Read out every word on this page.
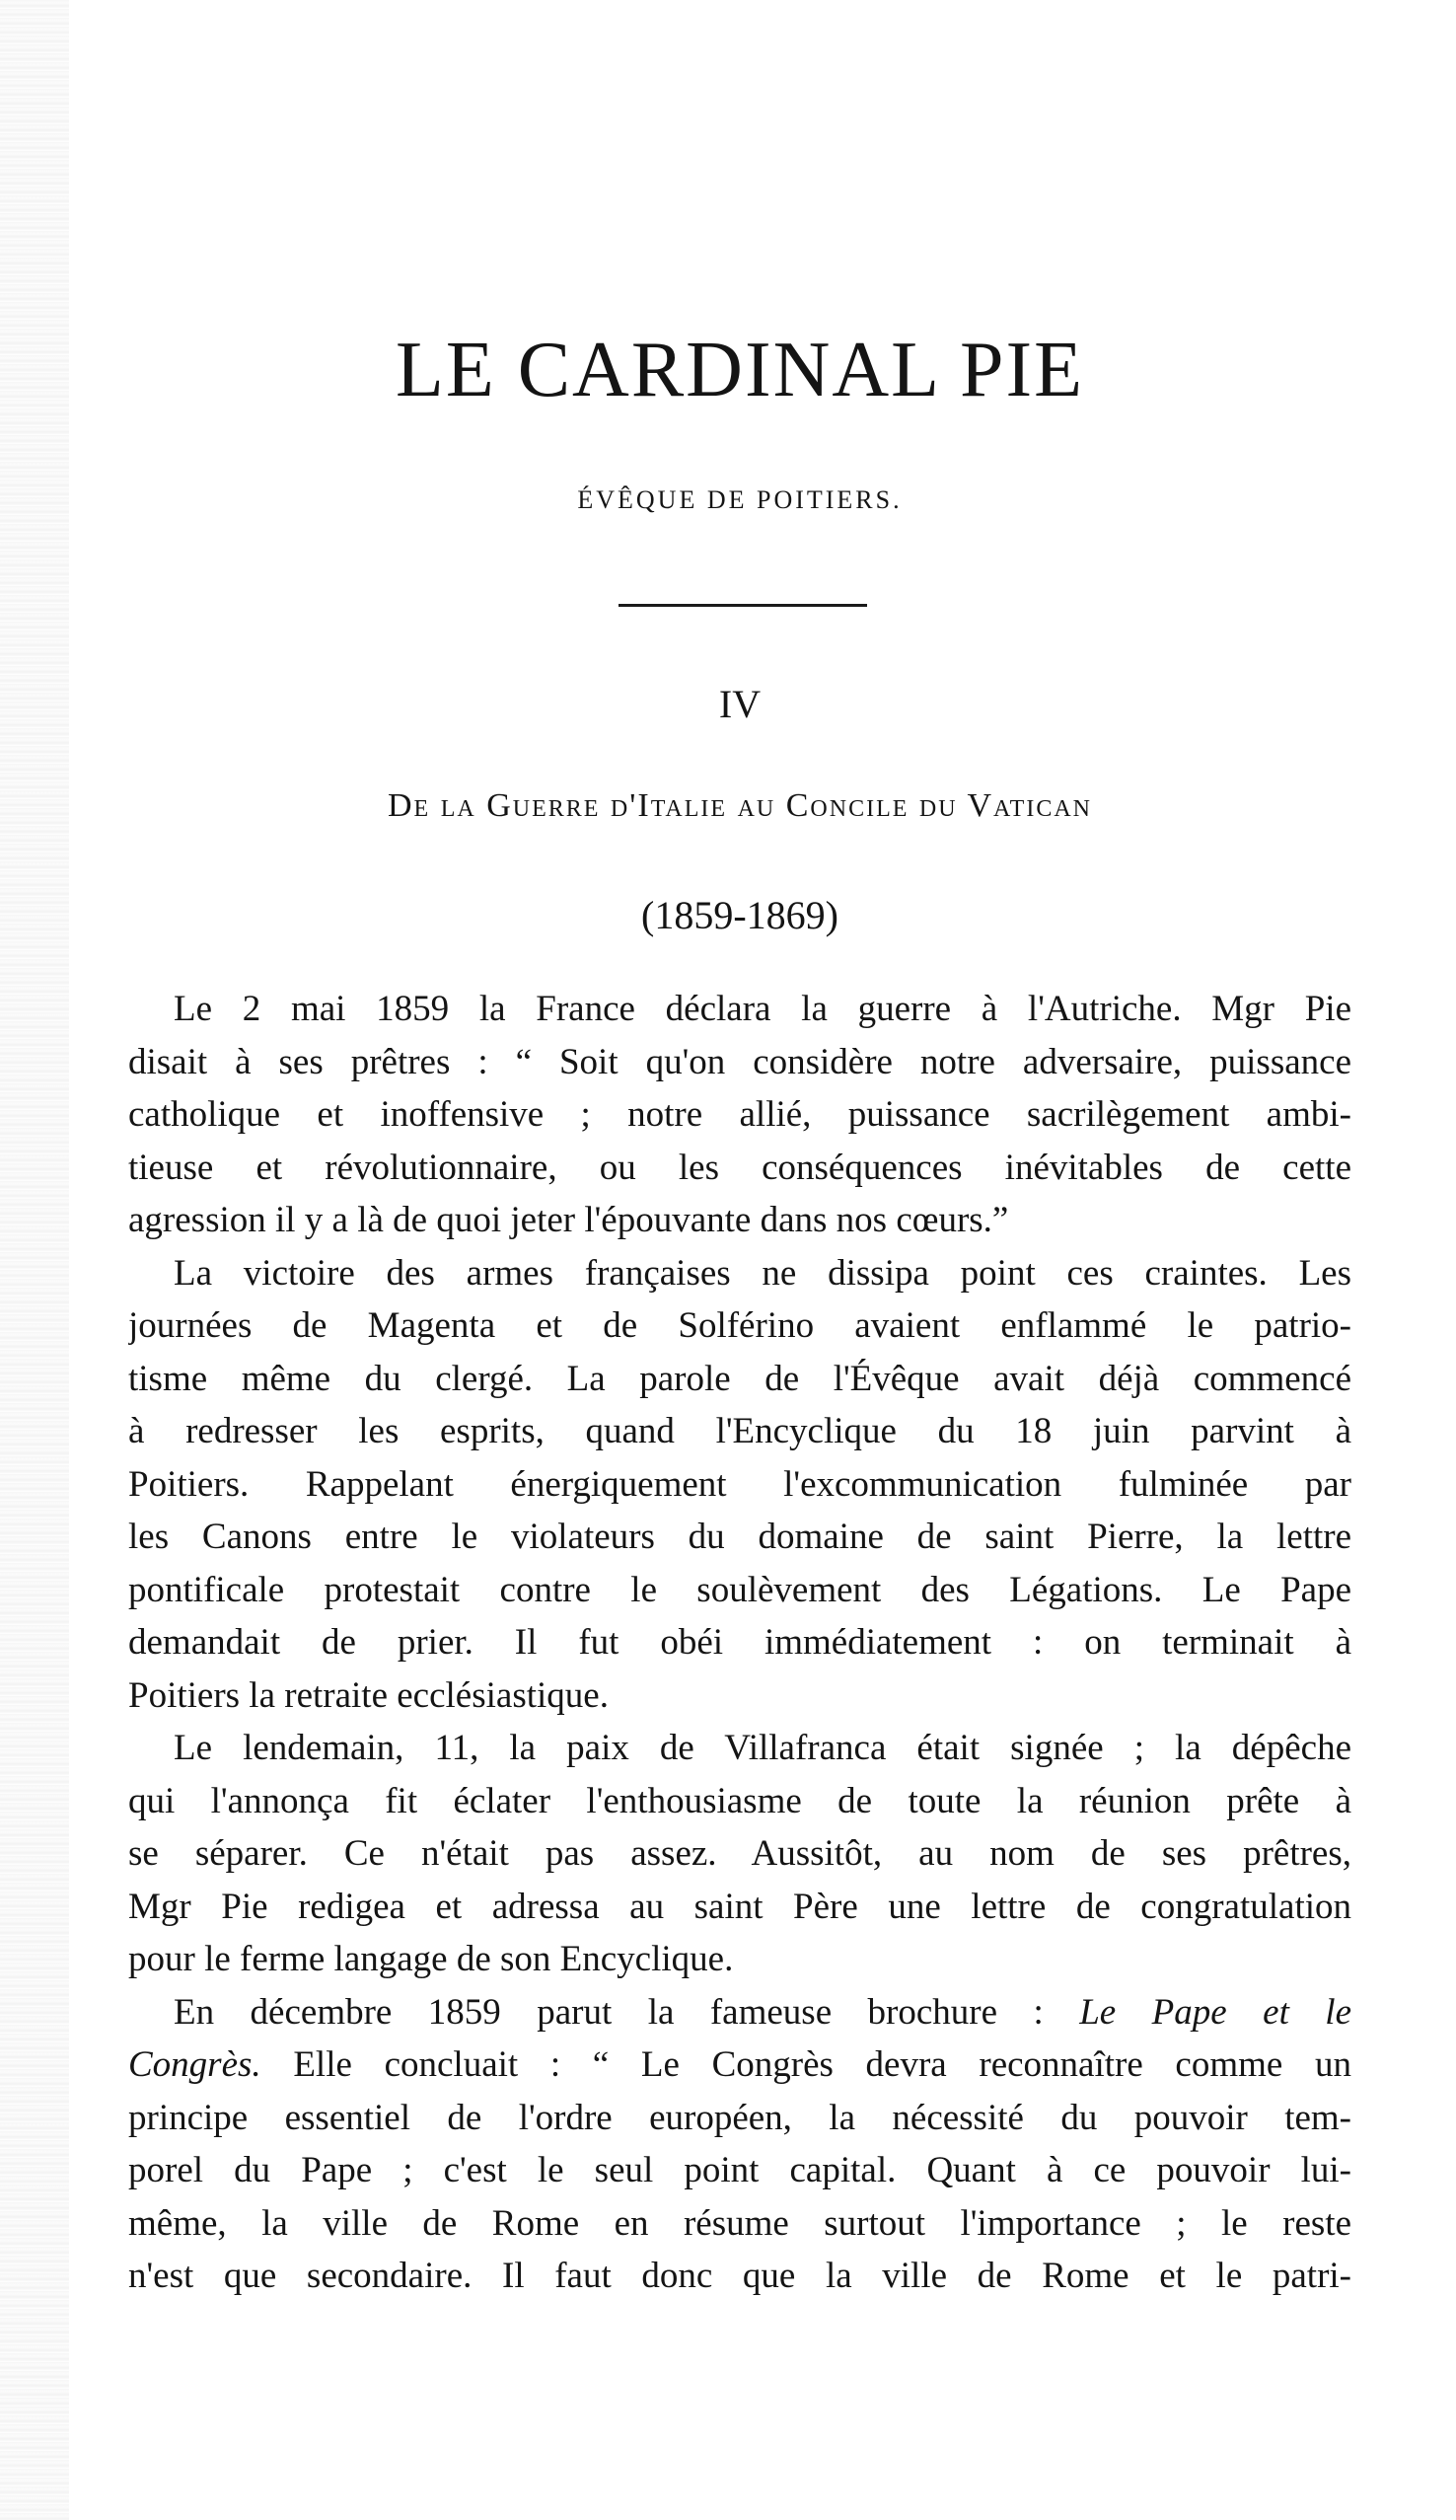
LE CARDINAL PIE
ÉVÊQUE DE POITIERS.
IV
De la Guerre d'Italie au Concile du Vatican
(1859-1869)
Le 2 mai 1859 la France déclara la guerre à l'Autriche. Mgr Pie
disait à ses prêtres : “ Soit qu'on considère notre adversaire, puissance
catholique et inoffensive ; notre allié, puissance sacrilègement ambi-
tieuse et révolutionnaire, ou les conséquences inévitables de cette
agression il y a là de quoi jeter l'épouvante dans nos cœurs.”
La victoire des armes françaises ne dissipa point ces craintes. Les
journées de Magenta et de Solférino avaient enflammé le patrio-
tisme même du clergé. La parole de l'Évêque avait déjà commencé
à redresser les esprits, quand l'Encyclique du 18 juin parvint à
Poitiers. Rappelant énergiquement l'excommunication fulminée par
les Canons entre le violateurs du domaine de saint Pierre, la lettre
pontificale protestait contre le soulèvement des Légations. Le Pape
demandait de prier. Il fut obéi immédiatement : on terminait à
Poitiers la retraite ecclésiastique.
Le lendemain, 11, la paix de Villafranca était signée ; la dépêche
qui l'annonça fit éclater l'enthousiasme de toute la réunion prête à
se séparer. Ce n'était pas assez. Aussitôt, au nom de ses prêtres,
Mgr Pie redigea et adressa au saint Père une lettre de congratulation
pour le ferme langage de son Encyclique.
En décembre 1859 parut la fameuse brochure : Le Pape et le
Congrès. Elle concluait : “ Le Congrès devra reconnaître comme un
principe essentiel de l'ordre européen, la nécessité du pouvoir tem-
porel du Pape ; c'est le seul point capital. Quant à ce pouvoir lui-
même, la ville de Rome en résume surtout l'importance ; le reste
n'est que secondaire. Il faut donc que la ville de Rome et le patri-
